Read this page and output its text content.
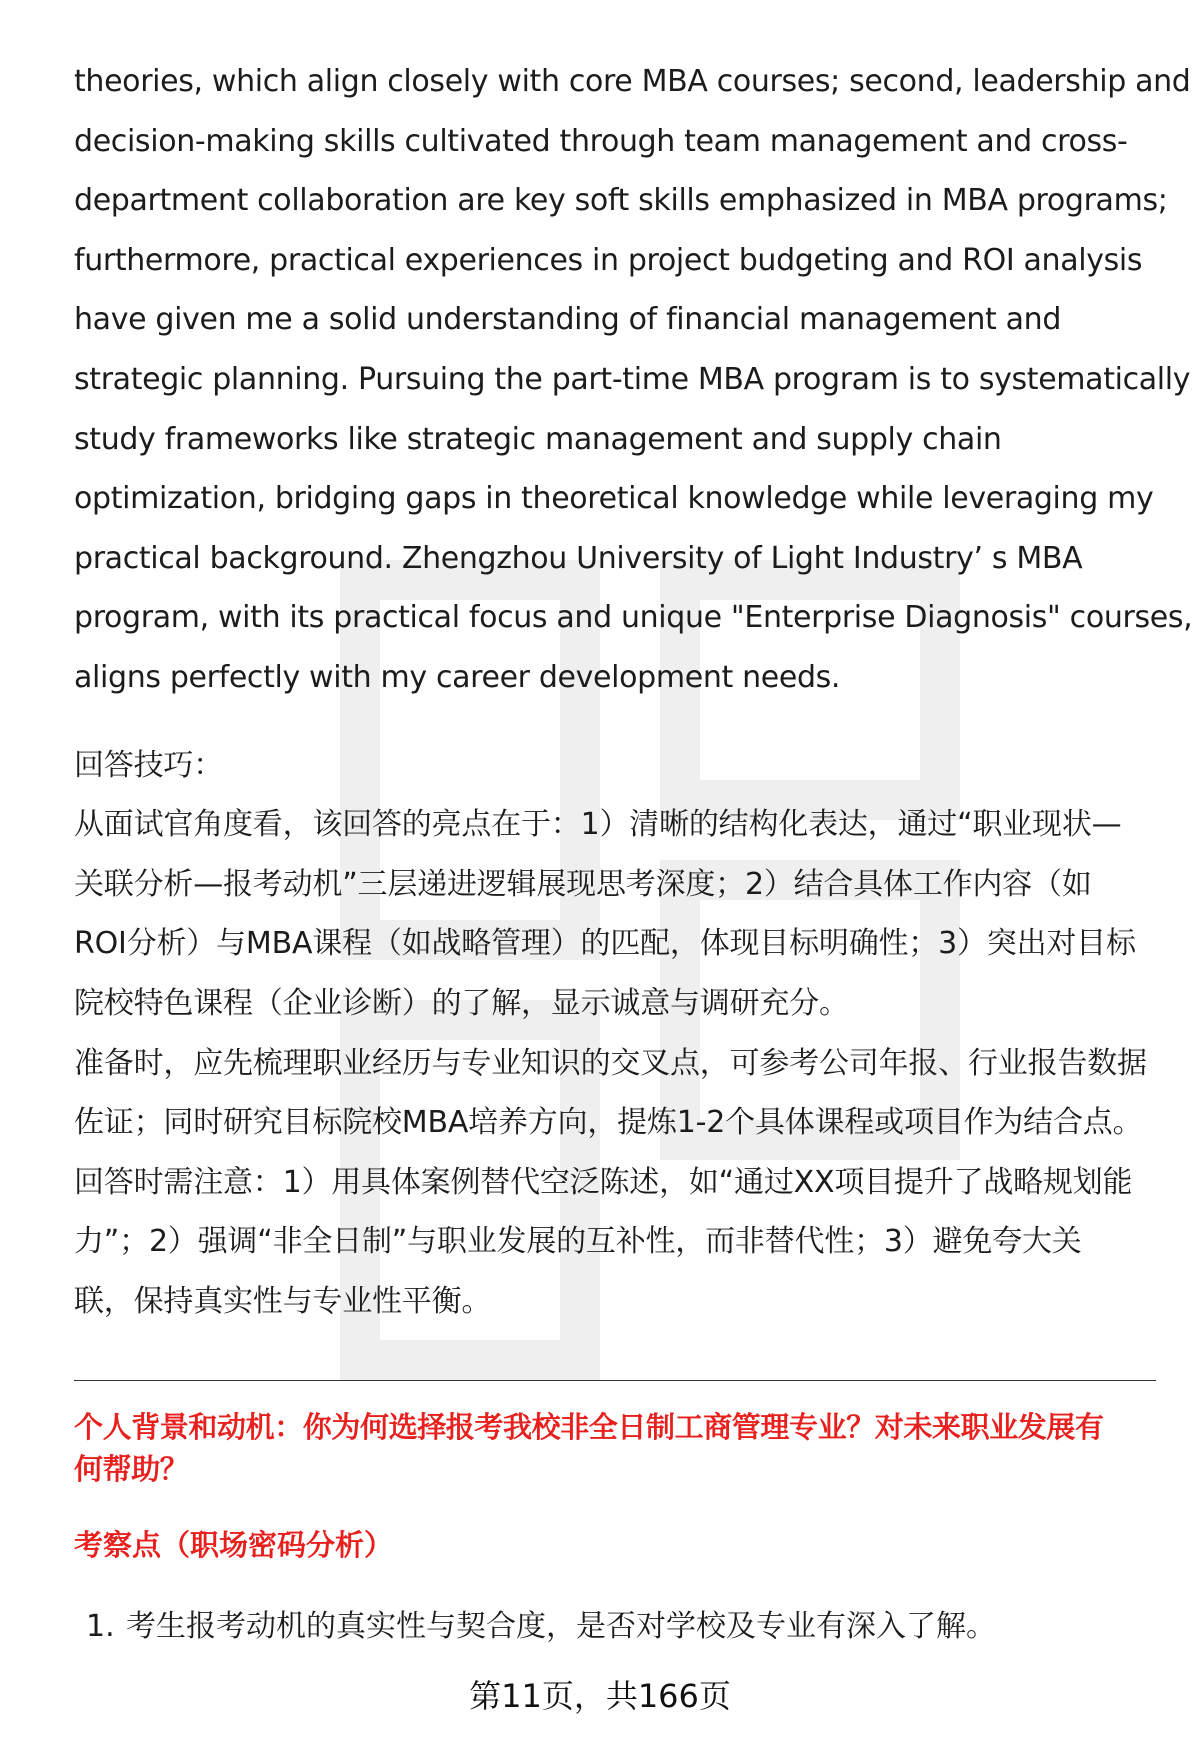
theories, which align closely with core MBA courses; second, leadership and
decision-making skills cultivated through team management and cross-
department collaboration are key soft skills emphasized in MBA programs;
furthermore, practical experiences in project budgeting and ROI analysis
have given me a solid understanding of financial management and
strategic planning. Pursuing the part-time MBA program is to systematically
study frameworks like strategic management and supply chain
optimization, bridging gaps in theoretical knowledge while leveraging my
practical background. Zhengzhou University of Light Industry’ s MBA
program, with its practical focus and unique "Enterprise Diagnosis" courses,
aligns perfectly with my career development needs.

回答技巧：

从面试官角度看，该回答的亮点在于：1）清晰的结构化表达，通过“职业现状—
关联分析—报考动机”三层递进逻辑展现思考深度；2）结合具体工作内容（如
ROI分析）与MBA课程（如战略管理）的匹配，体现目标明确性；3）突出对目标
院校特色课程（企业诊断）的了解，显示诚意与调研充分。
准备时，应先梳理职业经历与专业知识的交叉点，可参考公司年报、行业报告数据
佐证；同时研究目标院校MBA培养方向，提炼1-2个具体课程或项目作为结合点。
回答时需注意：1）用具体案例替代空泛陈述，如“通过XX项目提升了战略规划能
力”；2）强调“非全日制”与职业发展的互补性，而非替代性；3）避免夸大关
联，保持真实性与专业性平衡。

个人背景和动机：你为何选择报考我校非全日制工商管理专业？对未来职业发展有
何帮助？
考察点（职场密码分析）
1. 考生报考动机的真实性与契合度，是否对学校及专业有深入了解。
第11页，共166页
